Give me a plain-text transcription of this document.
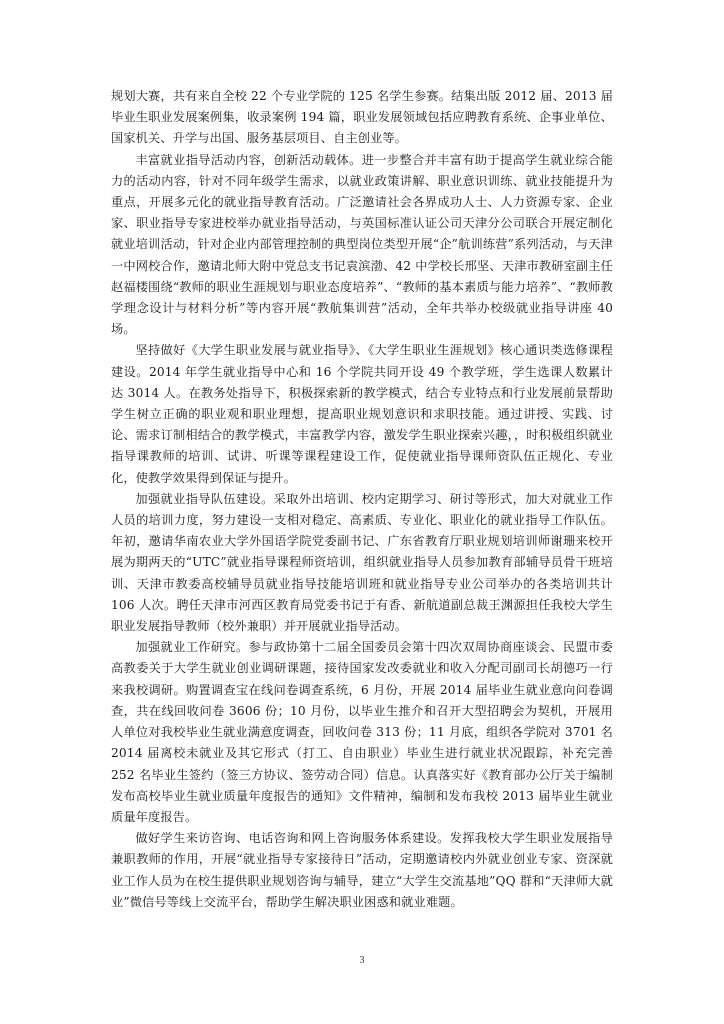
规划大赛，共有来自全校 22 个专业学院的 125 名学生参赛。结集出版 2012 届、2013 届毕业生职业发展案例集，收录案例 194 篇，职业发展领域包括应聘教育系统、企事业单位、国家机关、升学与出国、服务基层项目、自主创业等。

丰富就业指导活动内容，创新活动载体。进一步整合并丰富有助于提高学生就业综合能力的活动内容，针对不同年级学生需求，以就业政策讲解、职业意识训练、就业技能提升为重点，开展多元化的就业指导教育活动。广泛邀请社会各界成功人士、人力资源专家、企业家、职业指导专家进校举办就业指导活动，与英国标准认证公司天津分公司联合开展定制化就业培训活动，针对企业内部管理控制的典型岗位类型开展“企”航训练营”系列活动，与天津一中网校合作，邀请北师大附中党总支书记袁滨渤、42 中学校长邢坚、天津市教研室副主任赵福楼围绕“教师的职业生涯规划与职业态度培养”、“教师的基本素质与能力培养”、“教师教学理念设计与材料分析”等内容开展“教航集训营”活动，全年共举办校级就业指导讲座 40 场。

坚持做好《大学生职业发展与就业指导》、《大学生职业生涯规划》核心通识类选修课程建设。2014 年学生就业指导中心和 16 个学院共同开设 49 个教学班，学生选课人数累计达 3014 人。在教务处指导下，积极探索新的教学模式，结合专业特点和行业发展前景帮助学生树立正确的职业观和职业理想，提高职业规划意识和求职技能。通过讲授、实践、讨论、需求订制相结合的教学模式，丰富教学内容，激发学生职业探索兴趣，，时积极组织就业指导课教师的培训、试讲、听课等课程建设工作，促使就业指导课师资队伍正规化、专业化，使教学效果得到保证与提升。

加强就业指导队伍建设。采取外出培训、校内定期学习、研讨等形式，加大对就业工作人员的培训力度，努力建设一支相对稳定、高素质、专业化、职业化的就业指导工作队伍。年初，邀请华南农业大学外国语学院党委副书记、广东省教育厅职业规划培训师谢珊来校开展为期两天的“UTC”就业指导课程师资培训，组织就业指导人员参加教育部辅导员骨干班培训、天津市教委高校辅导员就业指导技能培训班和就业指导专业公司举办的各类培训共计 106 人次。聘任天津市河西区教育局党委书记于有香、新航道副总裁王渊源担任我校大学生职业发展指导教师（校外兼职）并开展就业指导活动。

加强就业工作研究。参与政协第十二届全国委员会第十四次双周协商座谈会、民盟市委高教委关于大学生就业创业调研课题，接待国家发改委就业和收入分配司副司长胡德巧一行来我校调研。购置调查宝在线问卷调查系统，6 月份，开展 2014 届毕业生就业意向问卷调查，共在线回收问卷 3606 份；10 月份，以毕业生推介和召开大型招聘会为契机，开展用人单位对我校毕业生就业满意度调查，回收问卷 313 份；11 月底，组织各学院对 3701 名 2014 届离校未就业及其它形式（打工、自由职业）毕业生进行就业状况跟踪，补充完善 252 名毕业生签约（签三方协议、签劳动合同）信息。认真落实好《教育部办公厅关于编制发布高校毕业生就业质量年度报告的通知》文件精神，编制和发布我校 2013 届毕业生就业质量年度报告。

做好学生来访咨询、电话咨询和网上咨询服务体系建设。发挥我校大学生职业发展指导兼职教师的作用，开展“就业指导专家接待日”活动，定期邀请校内外就业创业专家、资深就业工作人员为在校生提供职业规划咨询与辅导，建立“大学生交流基地”QQ 群和“天津师大就业”微信号等线上交流平台，帮助学生解决职业困惑和就业难题。

3
